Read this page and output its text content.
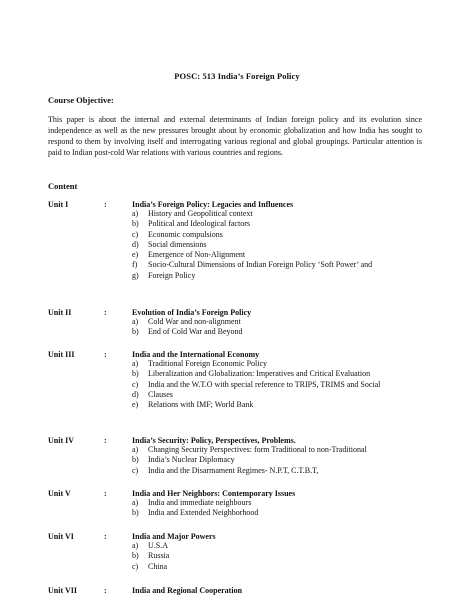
POSC: 513 India’s Foreign Policy
Course Objective:

This paper is about the internal and external determinants of Indian foreign policy and its evolution since independence as well as the new pressures brought about by economic globalization and how India has sought to respond to them by involving itself and interrogating various regional and global groupings. Particular attention is paid to Indian post-cold War relations with various countries and regions.

Content
Unit I	:	India’s Foreign Policy: Legacies and Influences
a) History and Geopolitical context
b) Political and Ideological factors
c) Economic compulsions
d) Social dimensions
e) Emergence of Non-Alignment
f) Socio-Cultural Dimensions of Indian Foreign Policy ‘Soft Power’ and
g) Foreign Policy
Unit II	:	Evolution of India’s Foreign Policy
a) Cold War and non-alignment
b) End of Cold War and Beyond
Unit III	:	India and the International Economy
a) Traditional Foreign Economic Policy
b) Liberalization and Globalization: Imperatives and Critical Evaluation
c) India and the W.T.O with special reference to TRIPS, TRIMS and Social
d) Clauses
e) Relations with IMF; World Bank
Unit IV	:	India’s Security: Policy, Perspectives, Problems.
a) Changing Security Perspectives: form Traditional to non-Traditional
b) India’s Nuclear Diplomacy
c) India and the Disarmament Regimes- N.P.T, C.T.B.T,
Unit V	:	India and Her Neighbors: Contemporary Issues
a) India and immediate neighbours
b) India and Extended Neighborhood
Unit VI	:	India and Major Powers
a) U.S.A
b) Russia
c) China
Unit VII	:	India and Regional Cooperation
